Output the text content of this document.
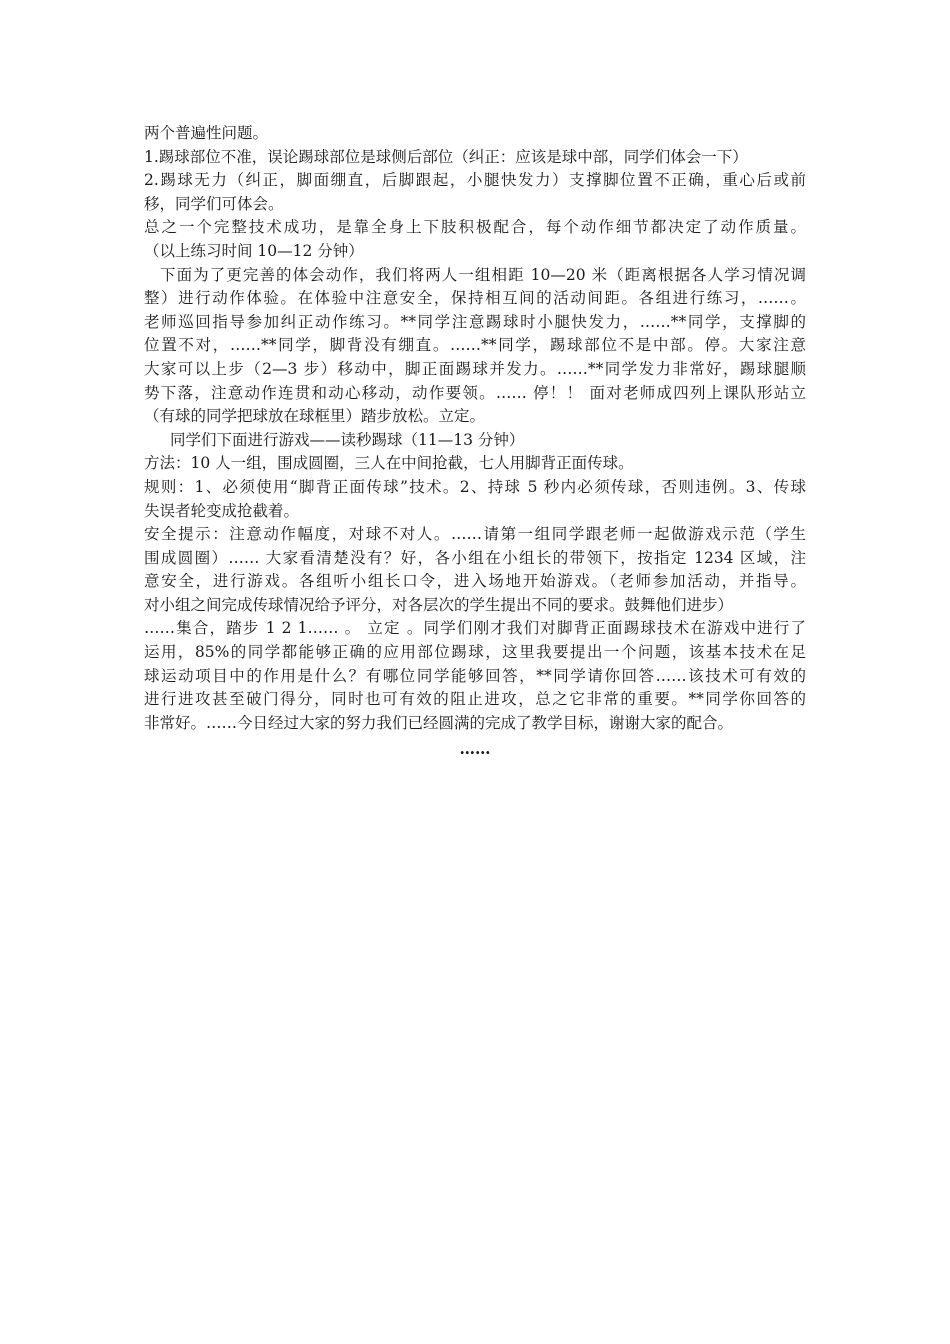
两个普遍性问题。
1.踢球部位不准，误论踢球部位是球侧后部位（纠正：应该是球中部，同学们体会一下）
2.踢球无力（纠正，脚面绷直，后脚跟起，小腿快发力）支撑脚位置不正确，重心后或前
移，同学们可体会。
总之一个完整技术成功，是靠全身上下肢积极配合，每个动作细节都决定了动作质量。
（以上练习时间 10—12 分钟）
下面为了更完善的体会动作，我们将两人一组相距 10—20 米（距离根据各人学习情况调
整）进行动作体验。在体验中注意安全，保持相互间的活动间距。各组进行练习，……。
老师巡回指导参加纠正动作练习。**同学注意踢球时小腿快发力，……**同学，支撑脚的
位置不对，……**同学，脚背没有绷直。……**同学，踢球部位不是中部。停。大家注意
大家可以上步（2—3 步）移动中，脚正面踢球并发力。……**同学发力非常好，踢球腿顺
势下落，注意动作连贯和动心移动，动作要领。…… 停！！ 面对老师成四列上课队形站立
（有球的同学把球放在球框里）踏步放松。立定。
同学们下面进行游戏——读秒踢球（11—13 分钟）
方法：10 人一组，围成圆圈，三人在中间抢截，七人用脚背正面传球。
规则：1、必须使用“脚背正面传球”技术。2、持球 5 秒内必须传球，否则违例。3、传球
失误者轮变成抢截着。
安全提示：注意动作幅度，对球不对人。……请第一组同学跟老师一起做游戏示范（学生
围成圆圈）…… 大家看清楚没有？好，各小组在小组长的带领下，按指定 1234 区域，注
意安全，进行游戏。各组听小组长口令，进入场地开始游戏。（老师参加活动，并指导。
对小组之间完成传球情况给予评分，对各层次的学生提出不同的要求。鼓舞他们进步）
……集合，踏步 1 2 1…… 。 立定 。同学们刚才我们对脚背正面踢球技术在游戏中进行了
运用，85%的同学都能够正确的应用部位踢球，这里我要提出一个问题，该基本技术在足
球运动项目中的作用是什么？有哪位同学能够回答，**同学请你回答……该技术可有效的
进行进攻甚至破门得分，同时也可有效的阻止进攻，总之它非常的重要。**同学你回答的
非常好。……今日经过大家的努力我们已经圆满的完成了教学目标，谢谢大家的配合。
……
